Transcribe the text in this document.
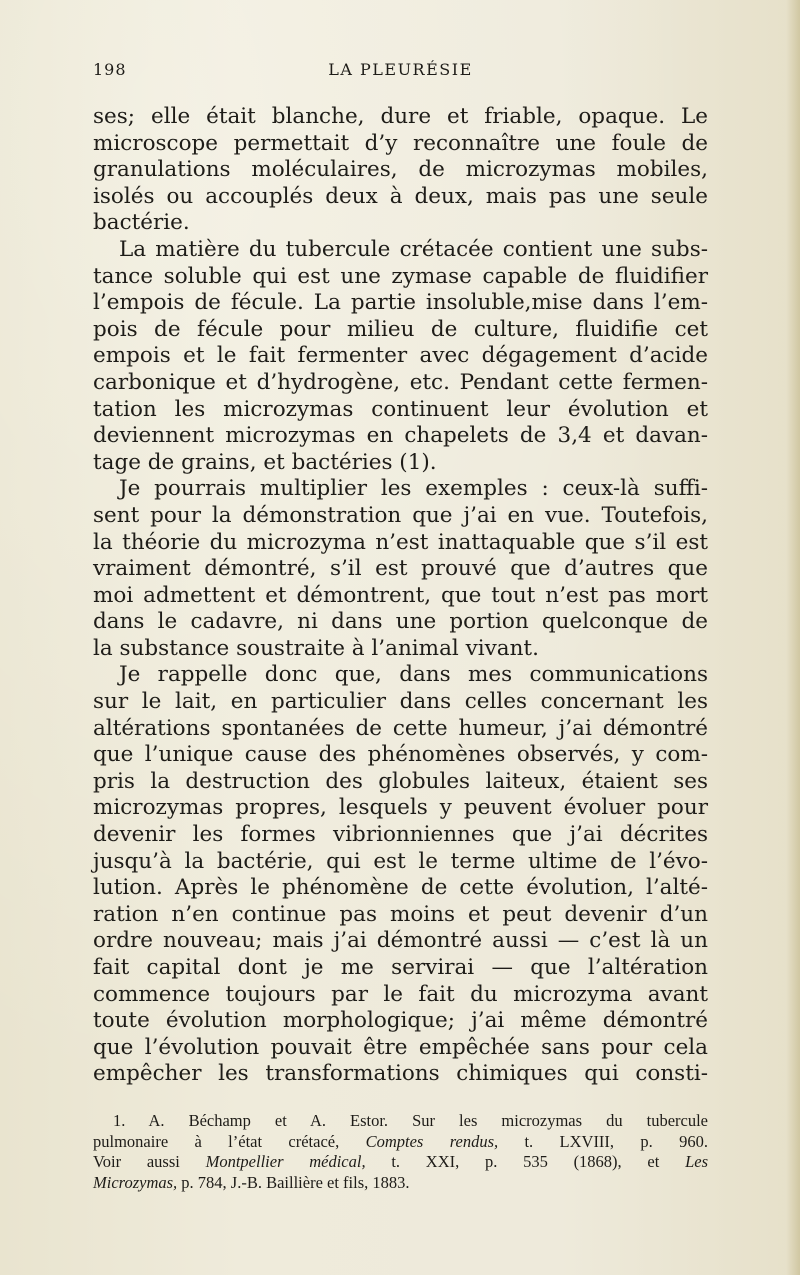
198	LA PLEURÉSIE
ses; elle était blanche, dure et friable, opaque. Le
microscope permettait d’y reconnaître une foule de
granulations moléculaires, de microzymas mobiles,
isolés ou accouplés deux à deux, mais pas une seule
bactérie.
La matière du tubercule crétacée contient une subs-
tance soluble qui est une zymase capable de fluidifier
l’empois de fécule. La partie insoluble,mise dans l’em-
pois de fécule pour milieu de culture, fluidifie cet
empois et le fait fermenter avec dégagement d’acide
carbonique et d’hydrogène, etc. Pendant cette fermen-
tation les microzymas continuent leur évolution et
deviennent microzymas en chapelets de 3,4 et davan-
tage de grains, et bactéries (1).
Je pourrais multiplier les exemples : ceux-là suffi-
sent pour la démonstration que j’ai en vue. Toutefois,
la théorie du microzyma n’est inattaquable que s’il est
vraiment démontré, s’il est prouvé que d’autres que
moi admettent et démontrent, que tout n’est pas mort
dans le cadavre, ni dans une portion quelconque de
la substance soustraite à l’animal vivant.
Je rappelle donc que, dans mes communications
sur le lait, en particulier dans celles concernant les
altérations spontanées de cette humeur, j’ai démontré
que l’unique cause des phénomènes observés, y com-
pris la destruction des globules laiteux, étaient ses
microzymas propres, lesquels y peuvent évoluer pour
devenir les formes vibrionniennes que j’ai décrites
jusqu’à la bactérie, qui est le terme ultime de l’évo-
lution. Après le phénomène de cette évolution, l’alté-
ration n’en continue pas moins et peut devenir d’un
ordre nouveau; mais j’ai démontré aussi — c’est là un
fait capital dont je me servirai — que l’altération
commence toujours par le fait du microzyma avant
toute évolution morphologique; j’ai même démontré
que l’évolution pouvait être empêchée sans pour cela
empêcher les transformations chimiques qui consti-
1. A. Béchamp et A. Estor. Sur les microzymas du tubercule
pulmonaire à l’état crétacé, Comptes rendus, t. LXVIII, p. 960.
Voir aussi Montpellier médical, t. XXI, p. 535 (1868), et Les
Microzymas, p. 784, J.-B. Baillière et fils, 1883.
